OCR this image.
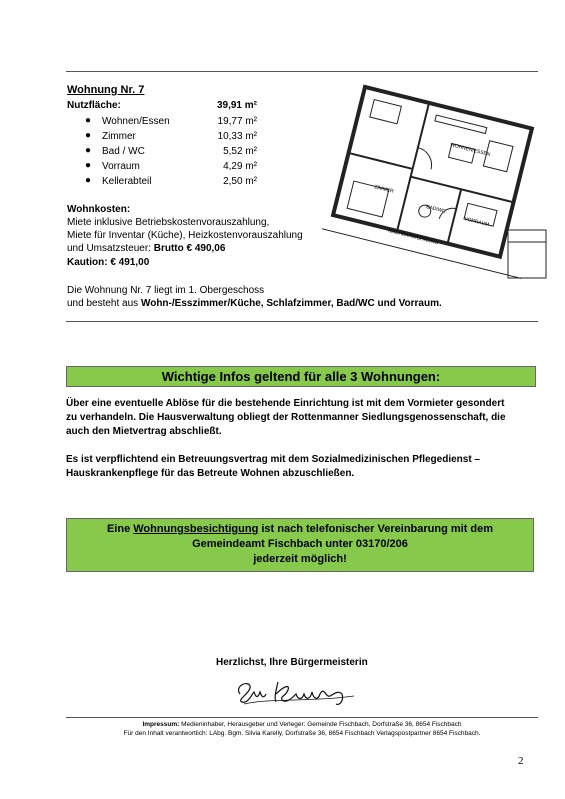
Wohnung Nr. 7
Nutzfläche:	39,91 m²
● Wohnen/Essen	19,77 m²
● Zimmer	10,33 m²
● Bad / WC	5,52 m²
● Vorraum	4,29 m²
● Kellerabteil	2,50 m²
Wohnkosten:
Miete inklusive Betriebskostenvorauszahlung,
Miete für Inventar (Küche), Heizkostenvorauszahlung
und Umsatzsteuer: Brutto € 490,06
Kaution: € 491,00
Die Wohnung Nr. 7 liegt im 1. Obergeschoss
und besteht aus Wohn-/Esszimmer/Küche, Schlafzimmer, Bad/WC und Vorraum.
WOHNEN/ESSEN
ZIMMER
BAD/WC
VORRAUM
NACHBARWOHNUNG
Wichtige Infos geltend für alle 3 Wohnungen:
Über eine eventuelle Ablöse für die bestehende Einrichtung ist mit dem Vormieter gesondert
zu verhandeln. Die Hausverwaltung obliegt der Rottenmanner Siedlungsgenossenschaft, die
auch den Mietvertrag abschließt.
Es ist verpflichtend ein Betreuungsvertrag mit dem Sozialmedizinischen Pflegedienst –
Hauskrankenpflege für das Betreute Wohnen abzuschließen.
Eine Wohnungsbesichtigung ist nach telefonischer Vereinbarung mit dem
Gemeindeamt Fischbach unter 03170/206
jederzeit möglich!
Herzlichst, Ihre Bürgermeisterin
Silvia Karelly
Impressum: Medieninhaber, Herausgeber und Verleger: Gemeinde Fischbach, Dorfstraße 36, 8654 Fischbach
Für den Inhalt verantwortlich: LAbg. Bgm. Silvia Karelly, Dorfstraße 36, 8654 Fischbach Verlagspostpartner 8654 Fischbach.
2
